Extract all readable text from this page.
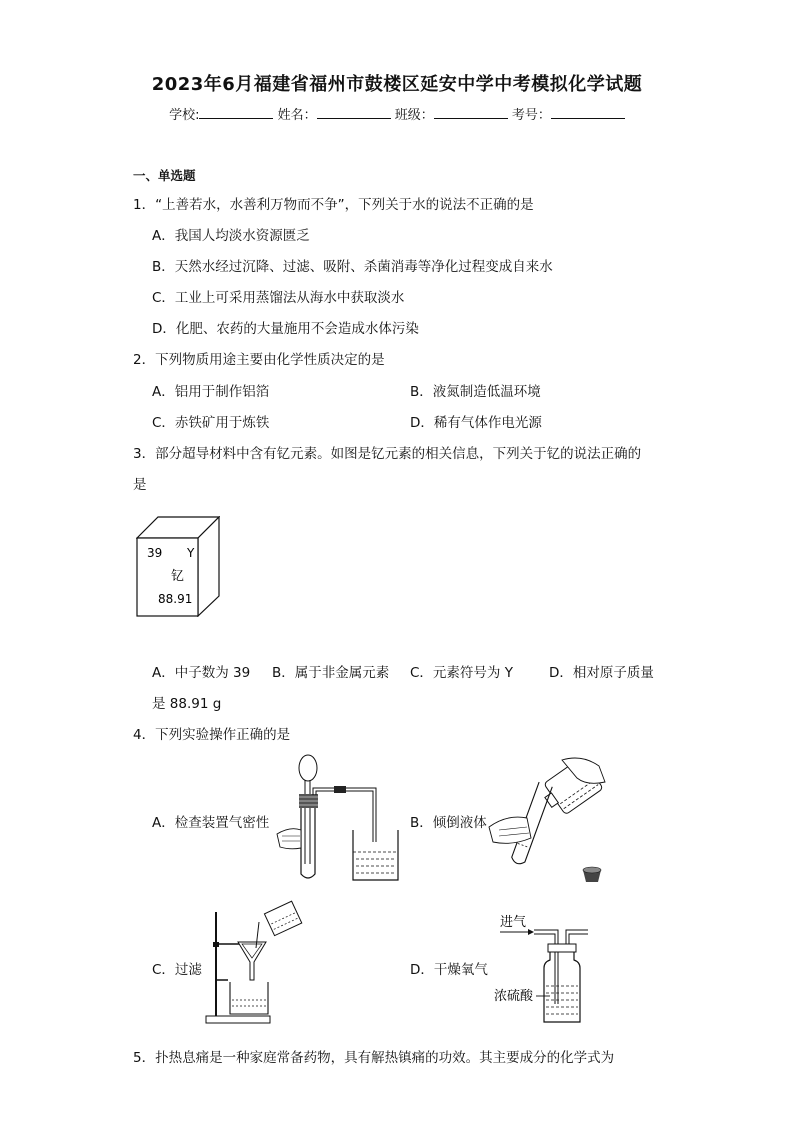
2023年6月福建省福州市鼓楼区延安中学中考模拟化学试题
学校:	姓名：	班级：	考号：
一、单选题
1．“上善若水，水善利万物而不争”，下列关于水的说法不正确的是
A．我国人均淡水资源匮乏
B．天然水经过沉降、过滤、吸附、杀菌消毒等净化过程变成自来水
C．工业上可采用蒸馏法从海水中获取淡水
D．化肥、农药的大量施用不会造成水体污染
2．下列物质用途主要由化学性质决定的是
A．铝用于制作铝箔	B．液氮制造低温环境
C．赤铁矿用于炼铁	D．稀有气体作电光源
3．部分超导材料中含有钇元素。如图是钇元素的相关信息，下列关于钇的说法正确的
是
39 Y
钇
88.91
A．中子数为 39 B．属于非金属元素 C．元素符号为 Y	D．相对原子质量
是 88.91 g
4．下列实验操作正确的是
A．检查装置气密性	B．倾倒液体
C．过滤	D．干燥氧气
进气
浓硫酸
5．扑热息痛是一种家庭常备药物，具有解热镇痛的功效。其主要成分的化学式为
